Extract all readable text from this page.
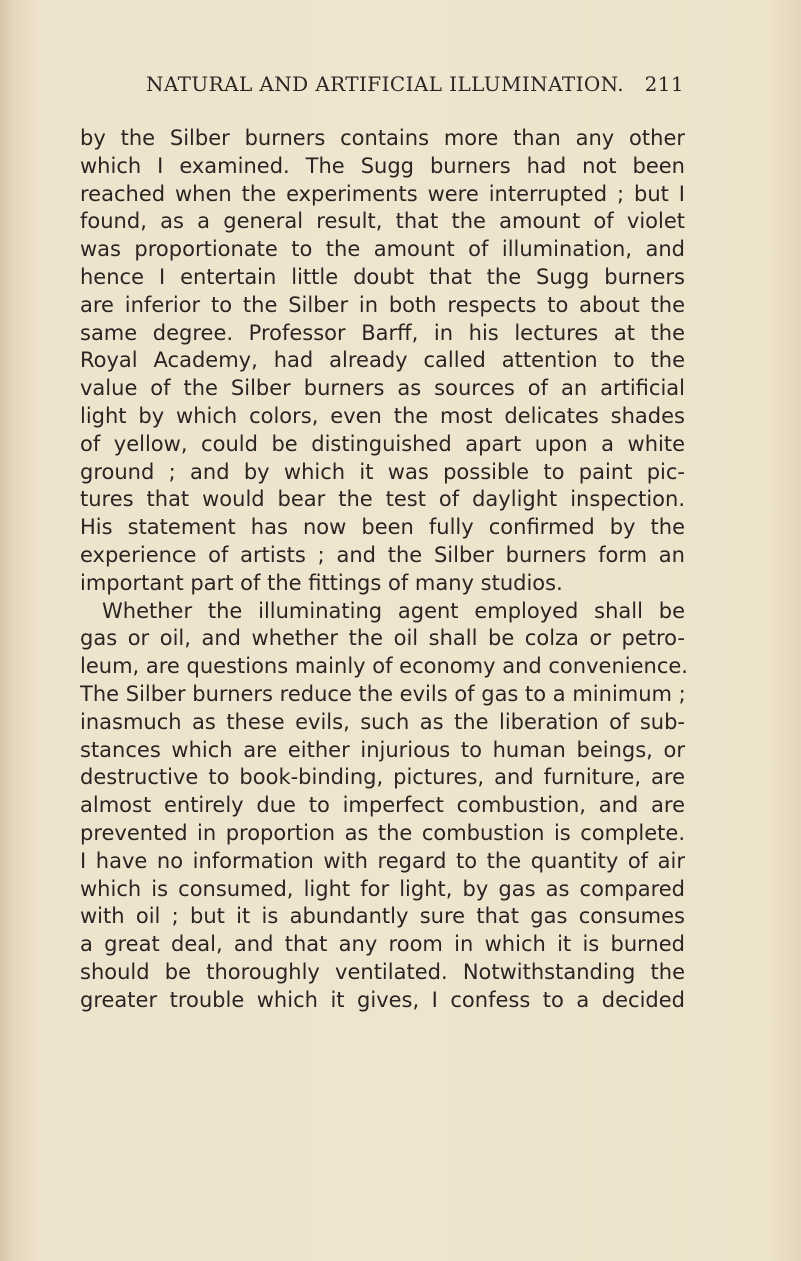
NATURAL AND ARTIFICIAL ILLUMINATION. 211
by the Silber burners contains more than any other
which I examined. The Sugg burners had not been
reached when the experiments were interrupted ; but I
found, as a general result, that the amount of violet
was proportionate to the amount of illumination, and
hence I entertain little doubt that the Sugg burners
are inferior to the Silber in both respects to about the
same degree. Professor Barff, in his lectures at the
Royal Academy, had already called attention to the
value of the Silber burners as sources of an artificial
light by which colors, even the most delicates shades
of yellow, could be distinguished apart upon a white
ground ; and by which it was possible to paint pic-
tures that would bear the test of daylight inspection.
His statement has now been fully confirmed by the
experience of artists ; and the Silber burners form an
important part of the fittings of many studios.
Whether the illuminating agent employed shall be
gas or oil, and whether the oil shall be colza or petro-
leum, are questions mainly of economy and convenience.
The Silber burners reduce the evils of gas to a minimum ;
inasmuch as these evils, such as the liberation of sub-
stances which are either injurious to human beings, or
destructive to book-binding, pictures, and furniture, are
almost entirely due to imperfect combustion, and are
prevented in proportion as the combustion is complete.
I have no information with regard to the quantity of air
which is consumed, light for light, by gas as compared
with oil ; but it is abundantly sure that gas consumes
a great deal, and that any room in which it is burned
should be thoroughly ventilated. Notwithstanding the
greater trouble which it gives, I confess to a decided
